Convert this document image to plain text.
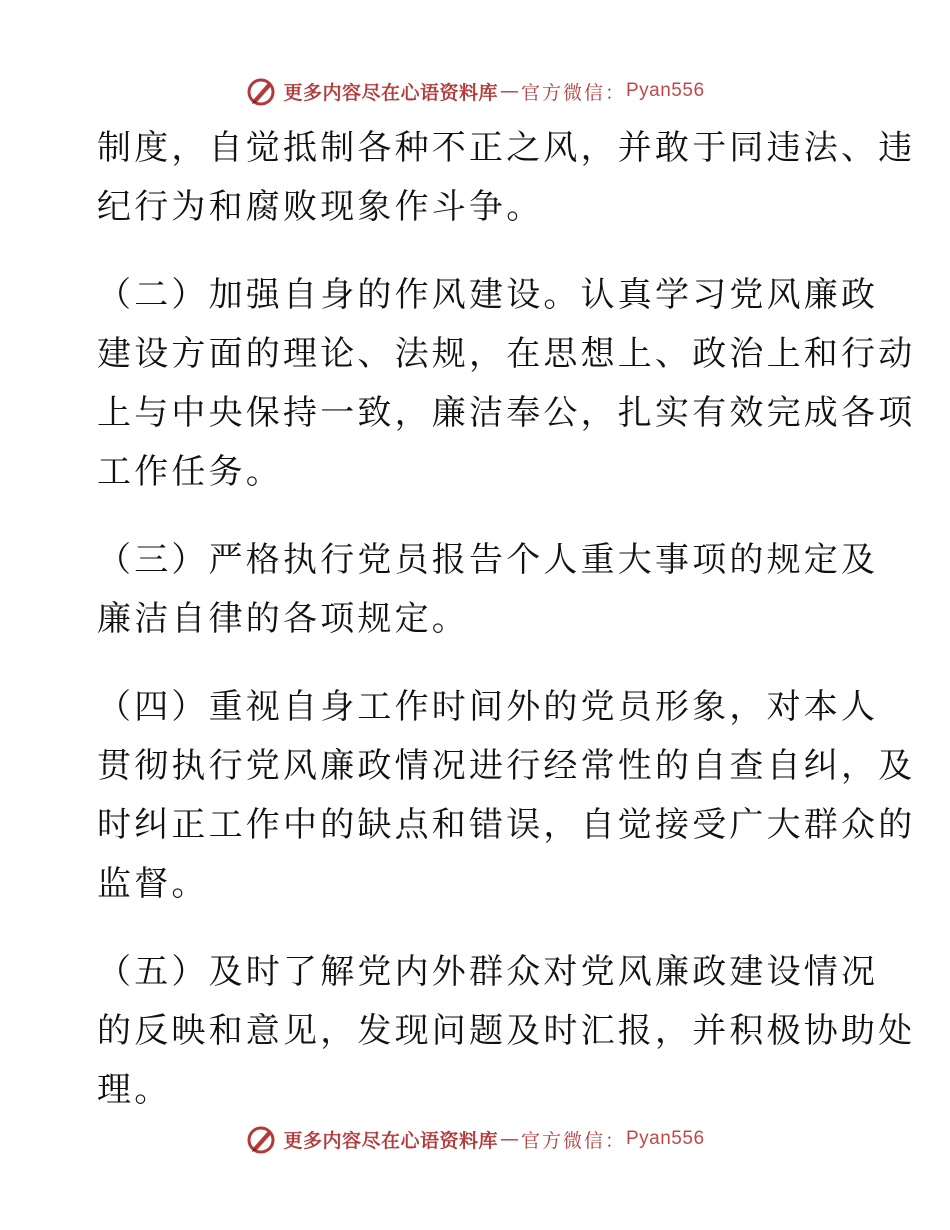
更多内容尽在心语资料库 — 官方微信： Pyan556
制度，自觉抵制各种不正之风，并敢于同违法、违
纪行为和腐败现象作斗争。
（二）加强自身的作风建设。认真学习党风廉政
建设方面的理论、法规，在思想上、政治上和行动
上与中央保持一致，廉洁奉公，扎实有效完成各项
工作任务。
（三）严格执行党员报告个人重大事项的规定及
廉洁自律的各项规定。
（四）重视自身工作时间外的党员形象，对本人
贯彻执行党风廉政情况进行经常性的自查自纠，及
时纠正工作中的缺点和错误，自觉接受广大群众的
监督。
（五）及时了解党内外群众对党风廉政建设情况
的反映和意见，发现问题及时汇报，并积极协助处
理。
更多内容尽在心语资料库 — 官方微信： Pyan556
